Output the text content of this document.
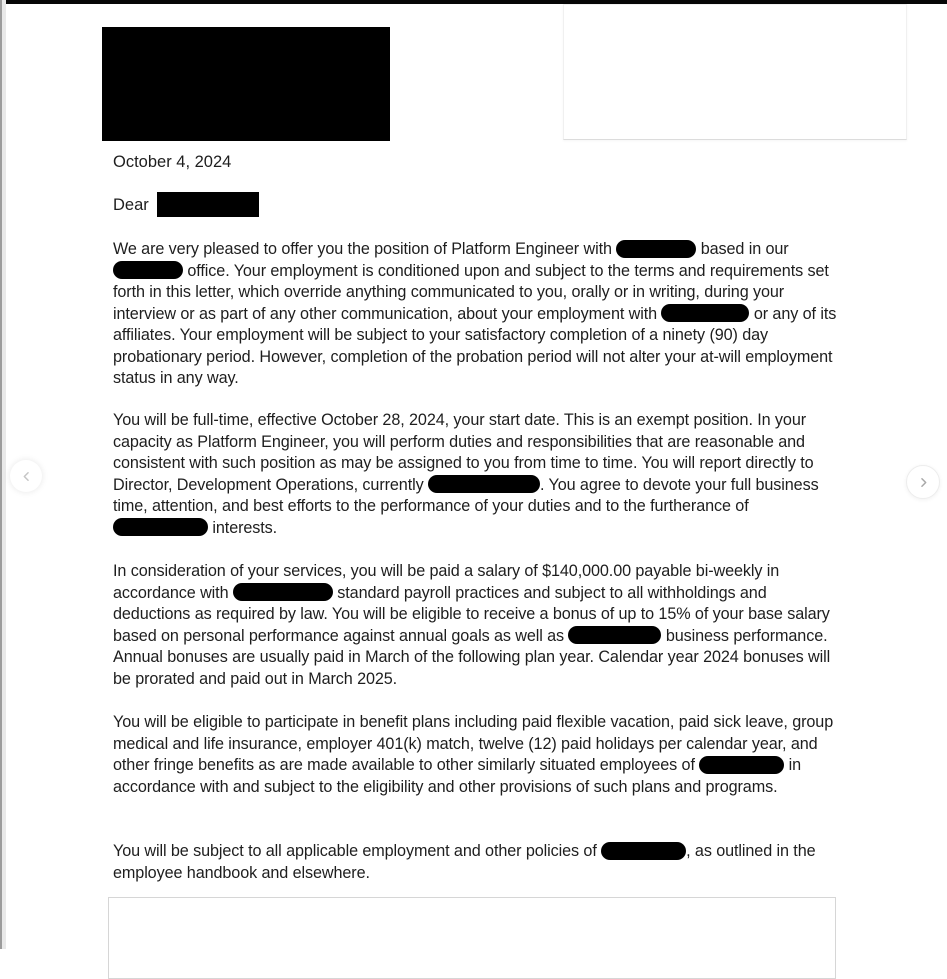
October 4, 2024
Dear

We are very pleased to offer you the position of Platform Engineer with	based in our  office. Your employment is conditioned upon and subject to the terms and requirements set forth in this letter, which override anything communicated to you, orally or in writing, during your interview or as part of any other communication, about your employment with	or any of its affiliates. Your employment will be subject to your satisfactory completion of a ninety (90) day probationary period. However, completion of the probation period will not alter your at-will employment status in any way.

You will be full-time, effective October 28, 2024, your start date. This is an exempt position. In your capacity as Platform Engineer, you will perform duties and responsibilities that are reasonable and consistent with such position as may be assigned to you from time to time. You will report directly to Director, Development Operations, currently	. You agree to devote your full business time, attention, and best efforts to the performance of your duties and to the furtherance of  interests.

In consideration of your services, you will be paid a salary of $140,000.00 payable bi-weekly in accordance with	standard payroll practices and subject to all withholdings and deductions as required by law. You will be eligible to receive a bonus of up to 15% of your base salary based on personal performance against annual goals as well as	business performance. Annual bonuses are usually paid in March of the following plan year. Calendar year 2024 bonuses will be prorated and paid out in March 2025.

You will be eligible to participate in benefit plans including paid flexible vacation, paid sick leave, group medical and life insurance, employer 401(k) match, twelve (12) paid holidays per calendar year, and other fringe benefits as are made available to other similarly situated employees of	in accordance with and subject to the eligibility and other provisions of such plans and programs.

You will be subject to all applicable employment and other policies of	, as outlined in the employee handbook and elsewhere.
